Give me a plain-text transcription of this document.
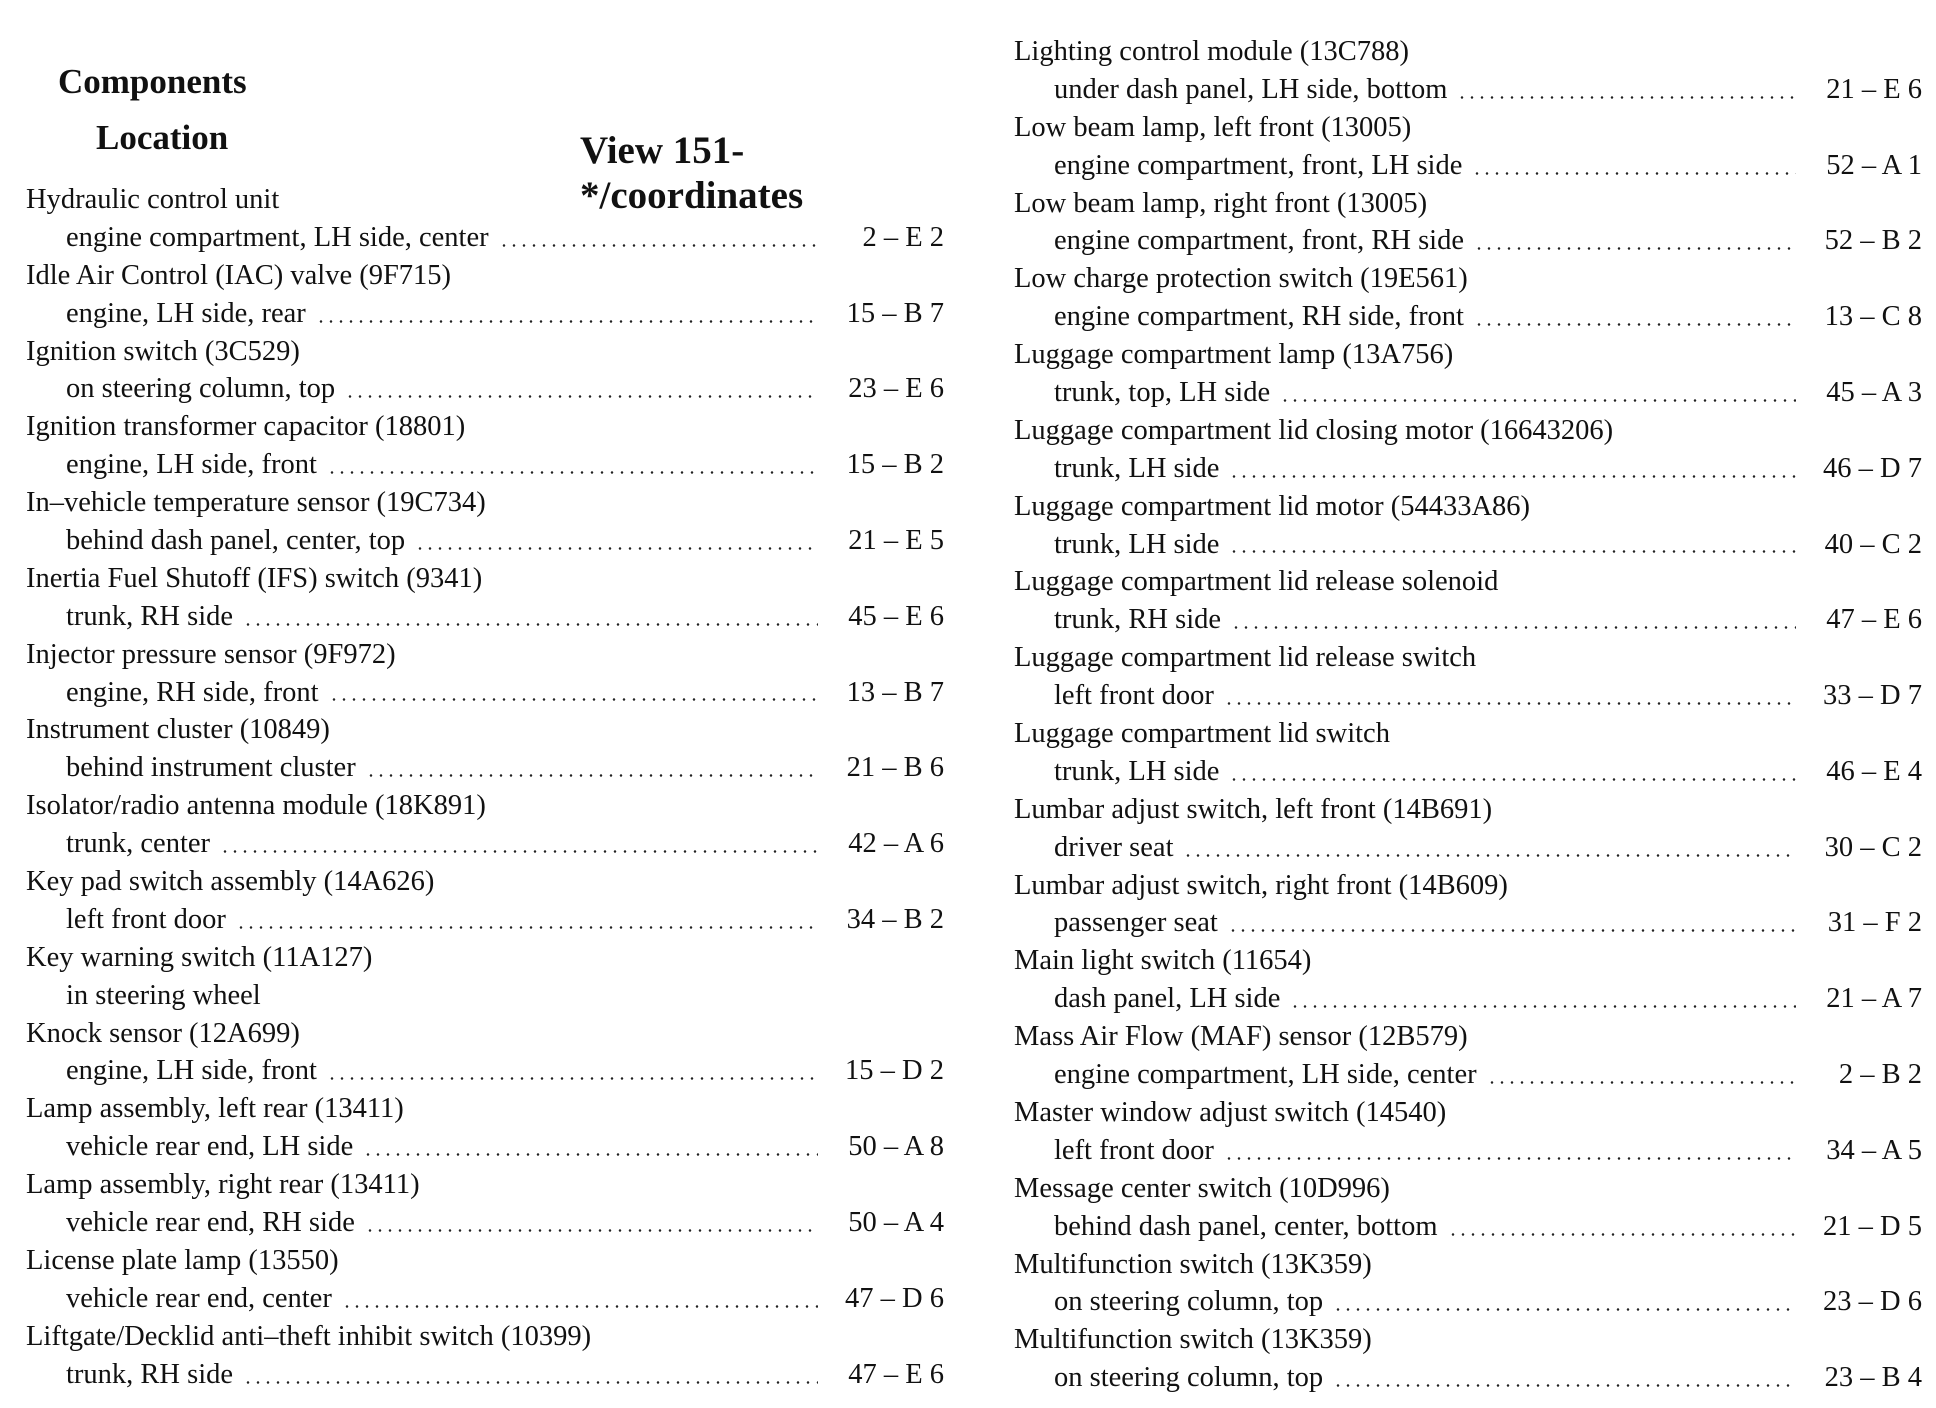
Components
Location	View 151-*/coordinates
Hydraulic control unit
engine compartment, LH side, center	2 – E 2
Idle Air Control (IAC) valve (9F715)
engine, LH side, rear	15 – B 7
Ignition switch (3C529)
on steering column, top	23 – E 6
Ignition transformer capacitor (18801)
engine, LH side, front	15 – B 2
In–vehicle temperature sensor (19C734)
behind dash panel, center, top	21 – E 5
Inertia Fuel Shutoff (IFS) switch (9341)
trunk, RH side	45 – E 6
Injector pressure sensor (9F972)
engine, RH side, front	13 – B 7
Instrument cluster (10849)
behind instrument cluster	21 – B 6
Isolator/radio antenna module (18K891)
trunk, center	42 – A 6
Key pad switch assembly (14A626)
left front door	34 – B 2
Key warning switch (11A127)
in steering wheel
Knock sensor (12A699)
engine, LH side, front	15 – D 2
Lamp assembly, left rear (13411)
vehicle rear end, LH side	50 – A 8
Lamp assembly, right rear (13411)
vehicle rear end, RH side	50 – A 4
License plate lamp (13550)
vehicle rear end, center	47 – D 6
Liftgate/Decklid anti–theft inhibit switch (10399)
trunk, RH side	47 – E 6
Lighting control module (13C788)
under dash panel, LH side, bottom	21 – E 6
Low beam lamp, left front (13005)
engine compartment, front, LH side	52 – A 1
Low beam lamp, right front (13005)
engine compartment, front, RH side	52 – B 2
Low charge protection switch (19E561)
engine compartment, RH side, front	13 – C 8
Luggage compartment lamp (13A756)
trunk, top, LH side	45 – A 3
Luggage compartment lid closing motor (16643206)
trunk, LH side	46 – D 7
Luggage compartment lid motor (54433A86)
trunk, LH side	40 – C 2
Luggage compartment lid release solenoid
trunk, RH side	47 – E 6
Luggage compartment lid release switch
left front door	33 – D 7
Luggage compartment lid switch
trunk, LH side	46 – E 4
Lumbar adjust switch, left front (14B691)
driver seat	30 – C 2
Lumbar adjust switch, right front (14B609)
passenger seat	31 – F 2
Main light switch (11654)
dash panel, LH side	21 – A 7
Mass Air Flow (MAF) sensor (12B579)
engine compartment, LH side, center	2 – B 2
Master window adjust switch (14540)
left front door	34 – A 5
Message center switch (10D996)
behind dash panel, center, bottom	21 – D 5
Multifunction switch (13K359)
on steering column, top	23 – D 6
Multifunction switch (13K359)
on steering column, top	23 – B 4
